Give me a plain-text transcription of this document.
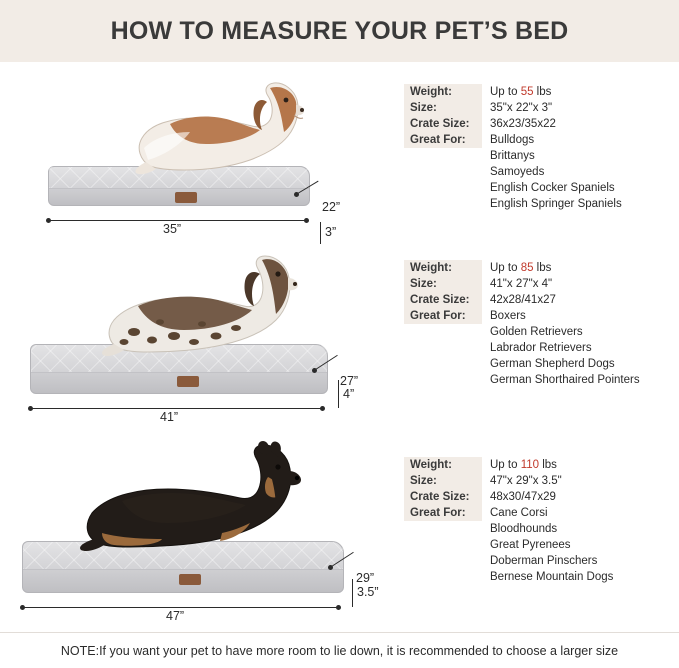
HOW TO MEASURE YOUR PET’S BED
35”
22”
3”
Weight:	Up to 55 lbs
Size:	35"x 22"x 3"
Crate Size:	36x23/35x22
Great For:	Bulldogs
	Brittanys
	Samoyeds
	English Cocker Spaniels
	English Springer Spaniels
41”
27”
4”
Weight:	Up to 85 lbs
Size:	41"x 27"x 4"
Crate Size:	42x28/41x27
Great For:	Boxers
	Golden Retrievers
	Labrador Retrievers
	German Shepherd Dogs
	German Shorthaired Pointers
47”
29”
3.5”
Weight:	Up to 110 lbs
Size:	47"x 29"x 3.5"
Crate Size:	48x30/47x29
Great For:	Cane Corsi
	Bloodhounds
	Great Pyrenees
	Doberman Pinschers
	Bernese Mountain Dogs
NOTE:If you want your pet to have more room to lie down, it is recommended to choose a larger size
